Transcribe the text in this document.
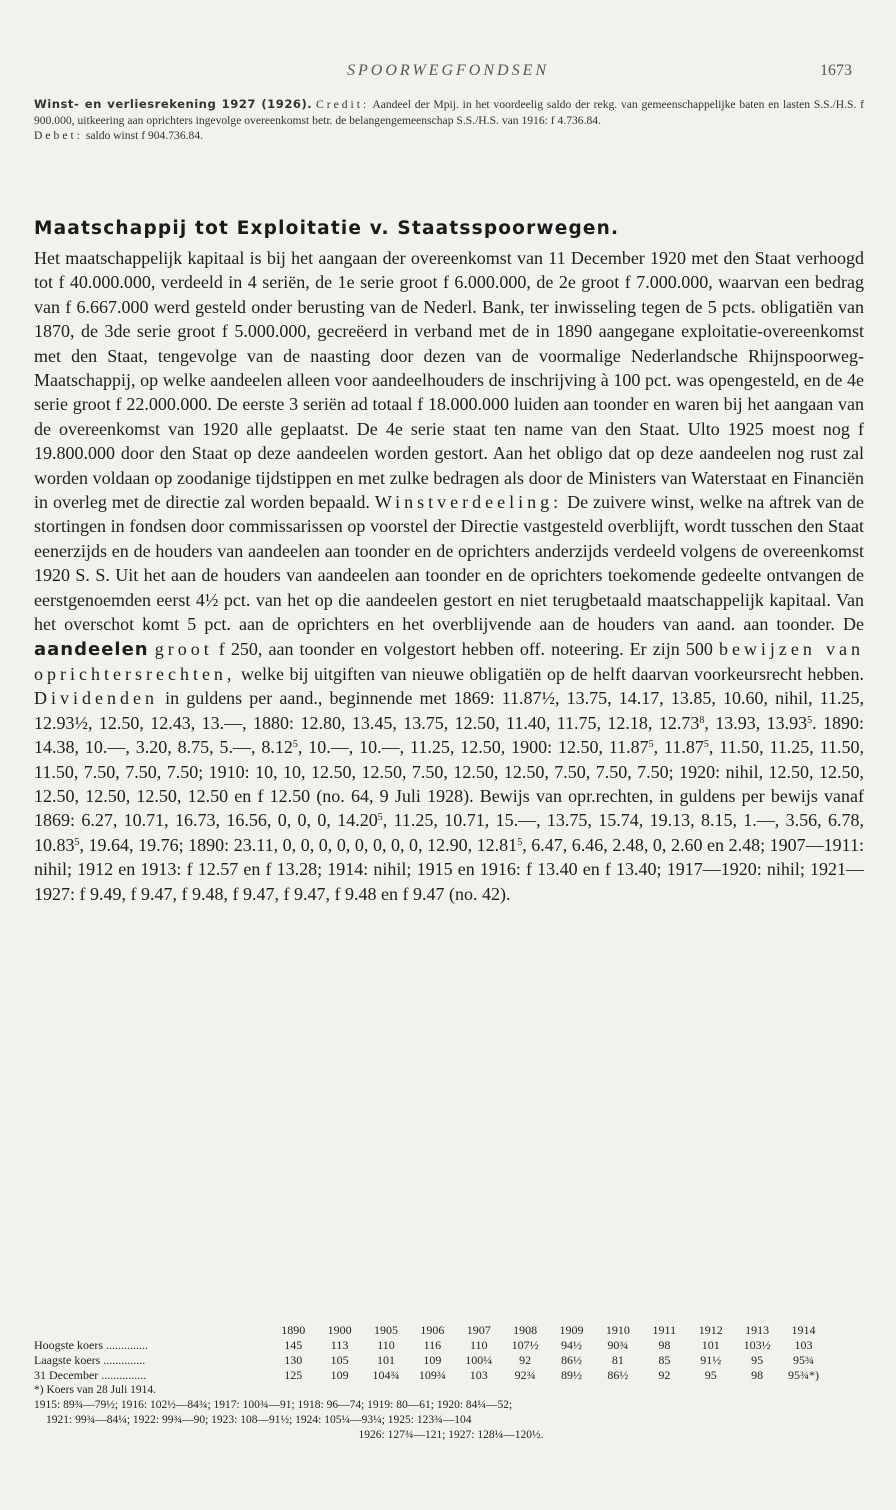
SPOORWEGFONDSEN	1673

Winst- en verliesrekening 1927 (1926). Credit: Aandeel der Mpij. in het voordeelig saldo der rekg. van gemeenschappelijke baten en lasten S.S./H.S. f 900.000, uitkeering aan oprichters ingevolge overeenkomst betr. de belangengemeenschap S.S./H.S. van 1916: f 4.736.84.

Debet: saldo winst f 904.736.84.

Maatschappij tot Exploitatie v. Staatsspoorwegen.
Het maatschappelijk kapitaal is bij het aangaan der overeenkomst van 11 December 1920 met den Staat verhoogd tot f 40.000.000, verdeeld in 4 seriën, de 1e serie groot f 6.000.000, de 2e groot f 7.000.000, waarvan een bedrag van f 6.667.000 werd gesteld onder berusting van de Nederl. Bank, ter inwisseling tegen de 5 pcts. obligatiën van 1870, de 3de serie groot f 5.000.000, gecreëerd in verband met de in 1890 aangegane exploitatie-overeenkomst met den Staat, tengevolge van de naasting door dezen van de voormalige Nederlandsche Rhijnspoorweg-Maatschappij, op welke aandeelen alleen voor aandeelhouders de inschrijving à 100 pct. was opengesteld, en de 4e serie groot f 22.000.000. De eerste 3 seriën ad totaal f 18.000.000 luiden aan toonder en waren bij het aangaan van de overeenkomst van 1920 alle geplaatst. De 4e serie staat ten name van den Staat. Ulto 1925 moest nog f 19.800.000 door den Staat op deze aandeelen worden gestort. Aan het obligo dat op deze aandeelen nog rust zal worden voldaan op zoodanige tijdstippen en met zulke bedragen als door de Ministers van Waterstaat en Financiën in overleg met de directie zal worden bepaald. Winstverdeeling: De zuivere winst, welke na aftrek van de stortingen in fondsen door commissarissen op voorstel der Directie vastgesteld overblijft, wordt tusschen den Staat eenerzijds en de houders van aandeelen aan toonder en de oprichters anderzijds verdeeld volgens de overeenkomst 1920 S. S. Uit het aan de houders van aandeelen aan toonder en de oprichters toekomende gedeelte ontvangen de eerstgenoemden eerst 4½ pct. van het op die aandeelen gestort en niet terugbetaald maatschappelijk kapitaal. Van het overschot komt 5 pct. aan de oprichters en het overblijvende aan de houders van aand. aan toonder. De aandeelen groot f 250, aan toonder en volgestort hebben off. noteering. Er zijn 500 bewijzen van oprichtersrechten, welke bij uitgiften van nieuwe obligatiën op de helft daarvan voorkeursrecht hebben. Dividenden in guldens per aand., beginnende met 1869: 11.87½, 13.75, 14.17, 13.85, 10.60, nihil, 11.25, 12.93½, 12.50, 12.43, 13.—, 1880: 12.80, 13.45, 13.75, 12.50, 11.40, 11.75, 12.18, 12.73$^8$, 13.93, 13.93$^5$. 1890: 14.38, 10.—, 3.20, 8.75, 5.—, 8.12$^5$, 10.—, 10.—, 11.25, 12.50, 1900: 12.50, 11.87$^5$, 11.87$^5$, 11.50, 11.25, 11.50, 11.50, 7.50, 7.50, 7.50; 1910: 10, 10, 12.50, 12.50, 7.50, 12.50, 12.50, 7.50, 7.50, 7.50; 1920: nihil, 12.50, 12.50, 12.50, 12.50, 12.50, 12.50 en f 12.50 (no. 64, 9 Juli 1928). Bewijs van opr.rechten, in guldens per bewijs vanaf 1869: 6.27, 10.71, 16.73, 16.56, 0, 0, 0, 14.20$^5$, 11.25, 10.71, 15.—, 13.75, 15.74, 19.13, 8.15, 1.—, 3.56, 6.78, 10.83$^5$, 19.64, 19.76; 1890: 23.11, 0, 0, 0, 0, 0, 0, 0, 0, 12.90, 12.81$^5$, 6.47, 6.46, 2.48, 0, 2.60 en 2.48; 1907—1911: nihil; 1912 en 1913: f 12.57 en f 13.28; 1914: nihil; 1915 en 1916: f 13.40 en f 13.40; 1917—1920: nihil; 1921—1927: f 9.49, f 9.47, f 9.48, f 9.47, f 9.47, f 9.48 en f 9.47 (no. 42).
	1890	1900	1905	1906	1907	1908	1909	1910	1911	1912	1913	1914
Hoogste koers ..............	145	113	110	116	110	107½	94½	90¾	98	101	103½	103
Laagste koers ..............	130	105	101	109	100¼	92	86½	81	85	91½	95	95¾
31 December ...............	125	109	104¾	109¾	103	92¾	89½	86½	92	95	98	95¾*)
*) Koers van 28 Juli 1914.
1915: 89¾—79½; 1916: 102½—84¾; 1917: 100¾—91; 1918: 96—74; 1919: 80—61; 1920: 84¼—52;
1921: 99¾—84¼; 1922: 99¾—90; 1923: 108—91½; 1924: 105¼—93¼; 1925: 123¾—104
1926: 127¾—121; 1927: 128¼—120½.
